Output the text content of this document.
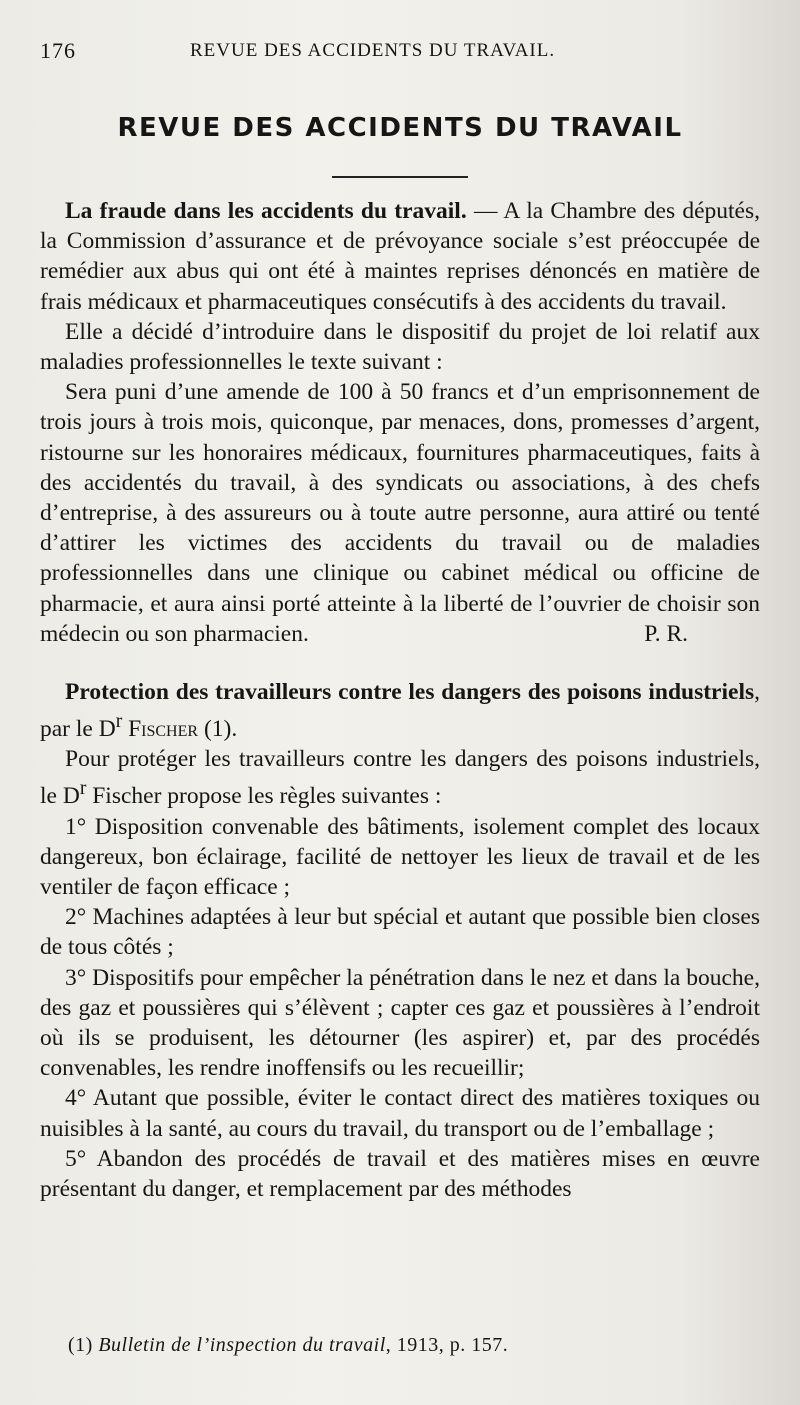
176	REVUE DES ACCIDENTS DU TRAVAIL.
REVUE DES ACCIDENTS DU TRAVAIL

La fraude dans les accidents du travail. — A la Chambre des députés, la Commission d’assurance et de prévoyance sociale s’est préoccupée de remédier aux abus qui ont été à maintes reprises dénoncés en matière de frais médicaux et pharmaceutiques consécutifs à des accidents du travail.

Elle a décidé d’introduire dans le dispositif du projet de loi relatif aux maladies professionnelles le texte suivant :

Sera puni d’une amende de 100 à 50 francs et d’un emprisonnement de trois jours à trois mois, quiconque, par menaces, dons, promesses d’argent, ristourne sur les honoraires médicaux, fournitures pharmaceutiques, faits à des accidentés du travail, à des syndicats ou associations, à des chefs d’entreprise, à des assureurs ou à toute autre personne, aura attiré ou tenté d’attirer les victimes des accidents du travail ou de maladies professionnelles dans une clinique ou cabinet médical ou officine de pharmacie, et aura ainsi porté atteinte à la liberté de l’ouvrier de choisir son médecin ou son pharmacien.	P. R.

Protection des travailleurs contre les dangers des poisons industriels, par le $D^r$ Fischer (1).

Pour protéger les travailleurs contre les dangers des poisons industriels, le $D^r$ Fischer propose les règles suivantes :

1° Disposition convenable des bâtiments, isolement complet des locaux dangereux, bon éclairage, facilité de nettoyer les lieux de travail et de les ventiler de façon efficace ;

2° Machines adaptées à leur but spécial et autant que possible bien closes de tous côtés ;

3° Dispositifs pour empêcher la pénétration dans le nez et dans la bouche, des gaz et poussières qui s’élèvent ; capter ces gaz et poussières à l’endroit où ils se produisent, les détourner (les aspirer) et, par des procédés convenables, les rendre inoffensifs ou les recueillir;

4° Autant que possible, éviter le contact direct des matières toxiques ou nuisibles à la santé, au cours du travail, du transport ou de l’emballage ;

5° Abandon des procédés de travail et des matières mises en œuvre présentant du danger, et remplacement par des méthodes

(1) Bulletin de l’inspection du travail, 1913, p. 157.
